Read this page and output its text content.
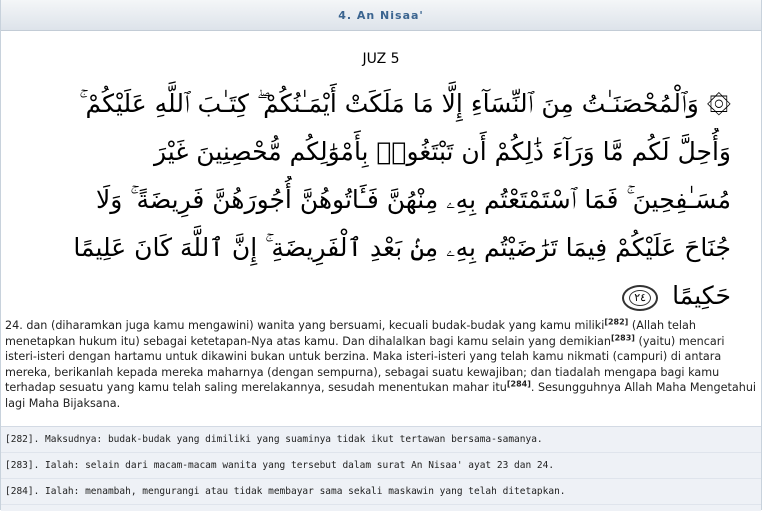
4. An Nisaa'
JUZ 5
۞ وَٱلْمُحْصَنَـٰتُ مِنَ ٱلنِّسَآءِ إِلَّا مَا مَلَكَتْ أَيْمَـٰنُكُمْ ۖ كِتَـٰبَ ٱللَّهِ عَلَيْكُمْ ۚ
وَأُحِلَّ لَكُم مَّا وَرَآءَ ذَٰلِكُمْ أَن تَبْتَغُوا۟ بِأَمْوَٰلِكُم مُّحْصِنِينَ غَيْرَ
مُسَـٰفِحِينَ ۚ فَمَا ٱسْتَمْتَعْتُم بِهِۦ مِنْهُنَّ فَـَٔاتُوهُنَّ أُجُورَهُنَّ فَرِيضَةً ۚ وَلَا
جُنَاحَ عَلَيْكُمْ فِيمَا تَرَٰضَيْتُم بِهِۦ مِنۢ بَعْدِ ٱلْفَرِيضَةِ ۚ إِنَّ ٱللَّهَ كَانَ عَلِيمًا
حَكِيمًا
٢٤
24. dan (diharamkan juga kamu mengawini) wanita yang bersuami, kecuali budak-budak yang kamu miliki[282] (Allah telah menetapkan hukum itu) sebagai ketetapan-Nya atas kamu. Dan dihalalkan bagi kamu selain yang demikian[283] (yaitu) mencari isteri-isteri dengan hartamu untuk dikawini bukan untuk berzina. Maka isteri-isteri yang telah kamu nikmati (campuri) di antara mereka, berikanlah kepada mereka maharnya (dengan sempurna), sebagai suatu kewajiban; dan tiadalah mengapa bagi kamu terhadap sesuatu yang kamu telah saling merelakannya, sesudah menentukan mahar itu[284]. Sesungguhnya Allah Maha Mengetahui lagi Maha Bijaksana.
[282]. Maksudnya: budak-budak yang dimiliki yang suaminya tidak ikut tertawan bersama-samanya.
[283]. Ialah: selain dari macam-macam wanita yang tersebut dalam surat An Nisaa' ayat 23 dan 24.
[284]. Ialah: menambah, mengurangi atau tidak membayar sama sekali maskawin yang telah ditetapkan.
